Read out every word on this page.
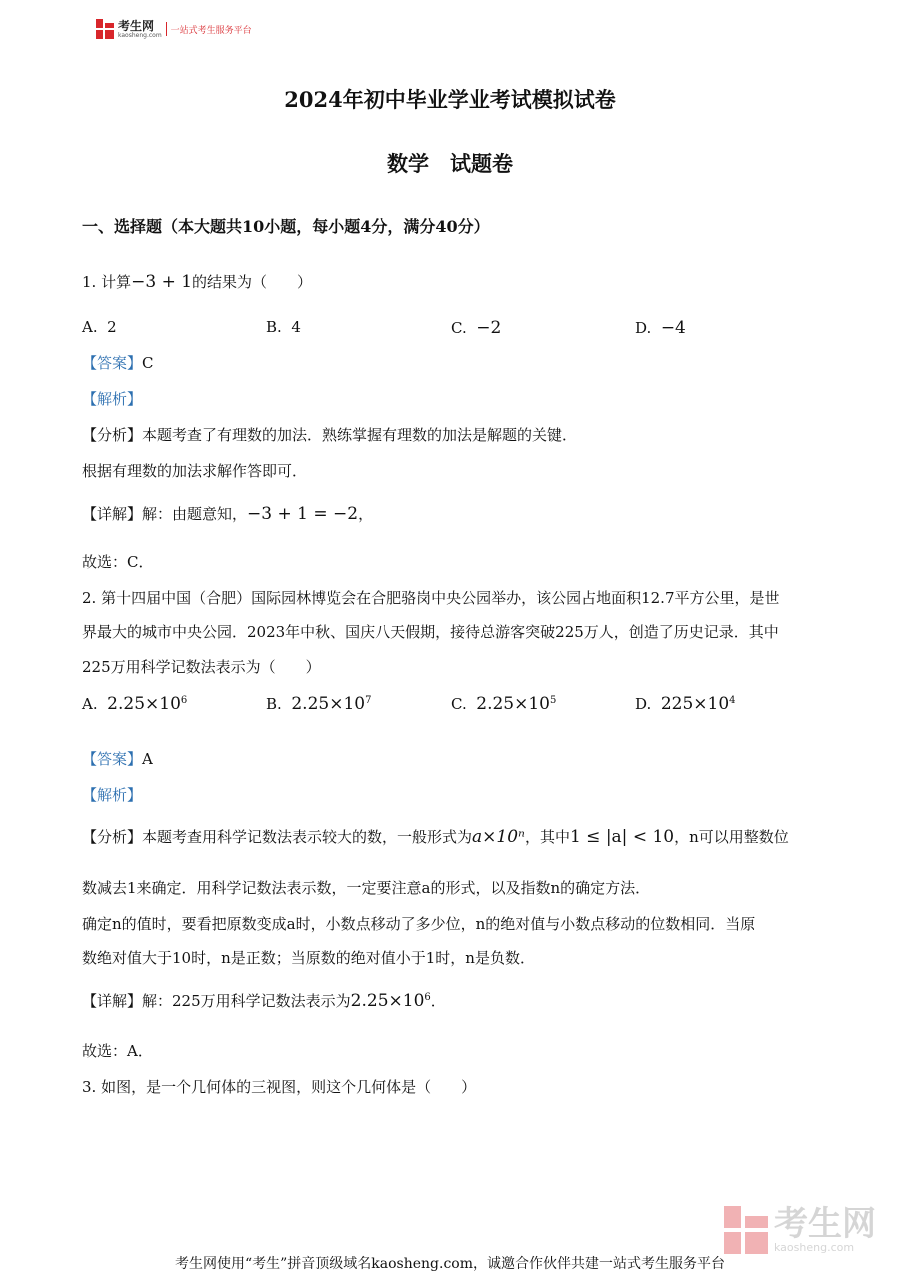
考生网
kaosheng.com 一站式考生服务平台
2024年初中毕业学业考试模拟试卷
数学　试题卷
一、选择题（本大题共10小题，每小题4分，满分40分）
1. 计算−3 + 1的结果为（　　）
A. 2	B. 4	C. −2	D. −4
【答案】C
【解析】
【分析】本题考查了有理数的加法．熟练掌握有理数的加法是解题的关键．
根据有理数的加法求解作答即可．
【详解】解：由题意知，−3 + 1 = −2，
故选：C．
2. 第十四届中国（合肥）国际园林博览会在合肥骆岗中央公园举办，该公园占地面积12.7平方公里，是世
界最大的城市中央公园．2023年中秋、国庆八天假期，接待总游客突破225万人，创造了历史记录．其中
225万用科学记数法表示为（　　）
A. $2.25\times 10^6$	B. $2.25\times 10^7$	C. $2.25\times 10^5$	D. $225\times 10^4$
【答案】A
【解析】
【分析】本题考查用科学记数法表示较大的数，一般形式为a×10ⁿ，其中1 ≤ |a| < 10，n可以用整数位
数减去1来确定．用科学记数法表示数，一定要注意a的形式，以及指数n的确定方法．
确定n的值时，要看把原数变成a时，小数点移动了多少位，n的绝对值与小数点移动的位数相同．当原
数绝对值大于10时，n是正数；当原数的绝对值小于1时，n是负数．
【详解】解：225万用科学记数法表示为$2.25\times 10^6$．
故选：A．
3. 如图，是一个几何体的三视图，则这个几何体是（　　）
考生网
kaosheng.com
考生网使用“考生”拼音顶级域名kaosheng.com，诚邀合作伙伴共建一站式考生服务平台
